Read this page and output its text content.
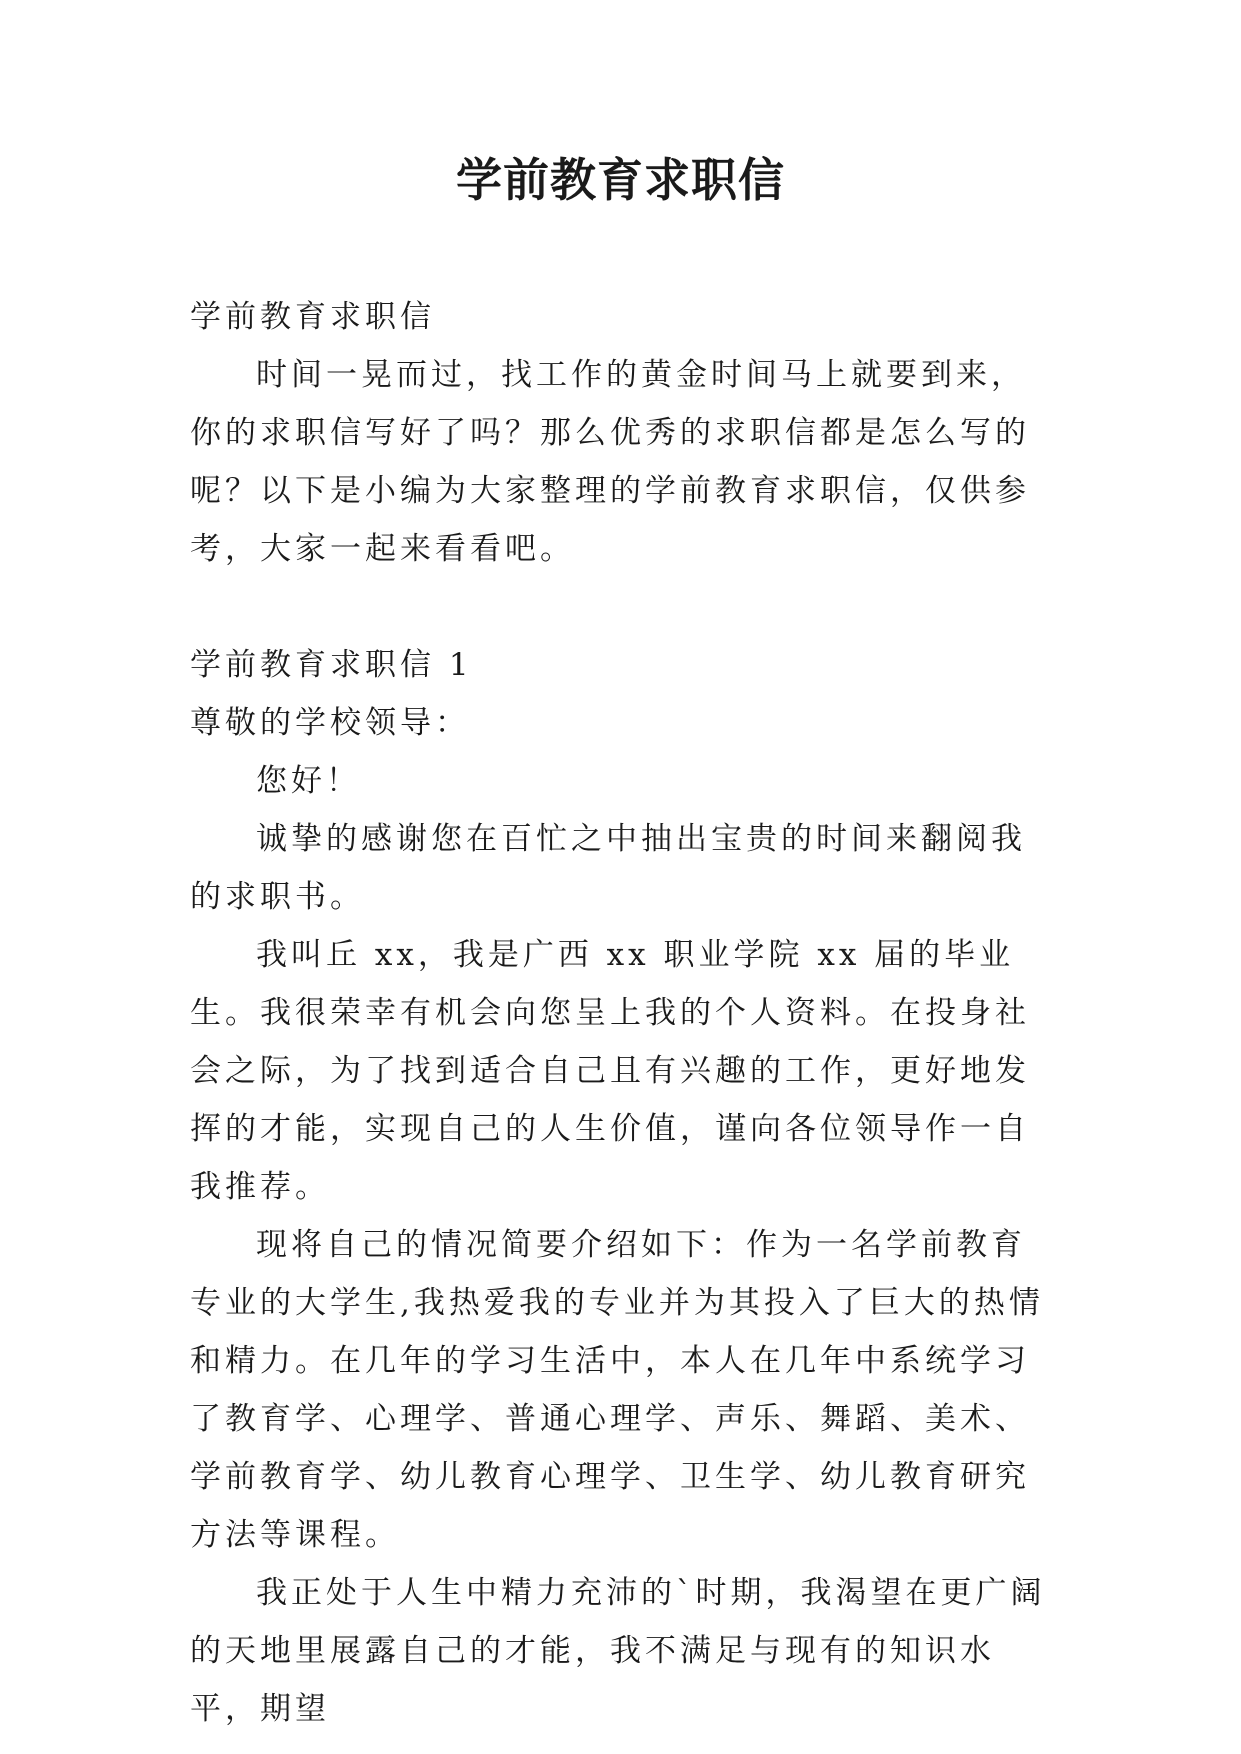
学前教育求职信

学前教育求职信

时间一晃而过，找工作的黄金时间马上就要到来，你的求职信写好了吗？那么优秀的求职信都是怎么写的呢？以下是小编为大家整理的学前教育求职信，仅供参考，大家一起来看看吧。

学前教育求职信 1

尊敬的学校领导：

您好！

诚挚的感谢您在百忙之中抽出宝贵的时间来翻阅我的求职书。

我叫丘 xx，我是广西 xx 职业学院 xx 届的毕业生。我很荣幸有机会向您呈上我的个人资料。在投身社会之际，为了找到适合自己且有兴趣的工作，更好地发挥的才能，实现自己的人生价值，谨向各位领导作一自我推荐。

现将自己的情况简要介绍如下：作为一名学前教育专业的大学生,我热爱我的专业并为其投入了巨大的热情和精力。在几年的学习生活中，本人在几年中系统学习了教育学、心理学、普通心理学、声乐、舞蹈、美术、学前教育学、幼儿教育心理学、卫生学、幼儿教育研究方法等课程。

我正处于人生中精力充沛的`时期，我渴望在更广阔的天地里展露自己的才能，我不满足与现有的知识水平，期望
